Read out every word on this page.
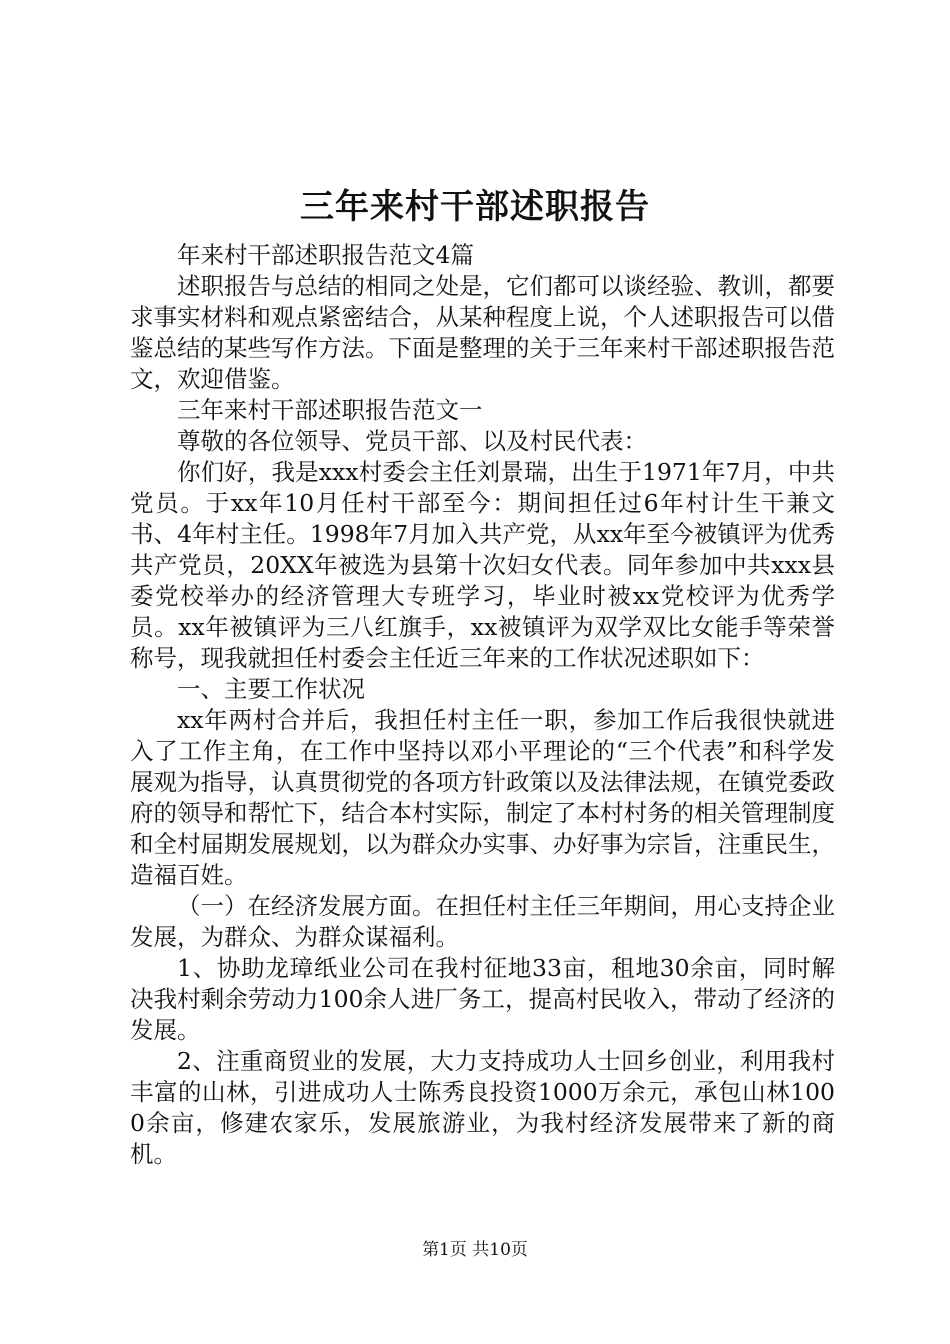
三年来村干部述职报告

年来村干部述职报告范文4篇

述职报告与总结的相同之处是，它们都可以谈经验、教训，都要求事实材料和观点紧密结合，从某种程度上说，个人述职报告可以借鉴总结的某些写作方法。下面是整理的关于三年来村干部述职报告范文，欢迎借鉴。

三年来村干部述职报告范文一

尊敬的各位领导、党员干部、以及村民代表：

你们好，我是xxx村委会主任刘景瑞，出生于1971年7月，中共党员。于xx年10月任村干部至今：期间担任过6年村计生干兼文书、4年村主任。1998年7月加入共产党，从xx年至今被镇评为优秀共产党员，20XX年被选为县第十次妇女代表。同年参加中共xxx县委党校举办的经济管理大专班学习，毕业时被xx党校评为优秀学员。xx年被镇评为三八红旗手，xx被镇评为双学双比女能手等荣誉称号，现我就担任村委会主任近三年来的工作状况述职如下：

一、主要工作状况

xx年两村合并后，我担任村主任一职，参加工作后我很快就进入了工作主角，在工作中坚持以邓小平理论的“三个代表”和科学发展观为指导，认真贯彻党的各项方针政策以及法律法规，在镇党委政府的领导和帮忙下，结合本村实际，制定了本村村务的相关管理制度和全村届期发展规划，以为群众办实事、办好事为宗旨，注重民生，造福百姓。

（一）在经济发展方面。在担任村主任三年期间，用心支持企业发展，为群众、为群众谋福利。

1、协助龙璋纸业公司在我村征地33亩，租地30余亩，同时解决我村剩余劳动力100余人进厂务工，提高村民收入，带动了经济的发展。

2、注重商贸业的发展，大力支持成功人士回乡创业，利用我村丰富的山林，引进成功人士陈秀良投资1000万余元，承包山林1000余亩，修建农家乐，发展旅游业，为我村经济发展带来了新的商机。

第1页 共10页
